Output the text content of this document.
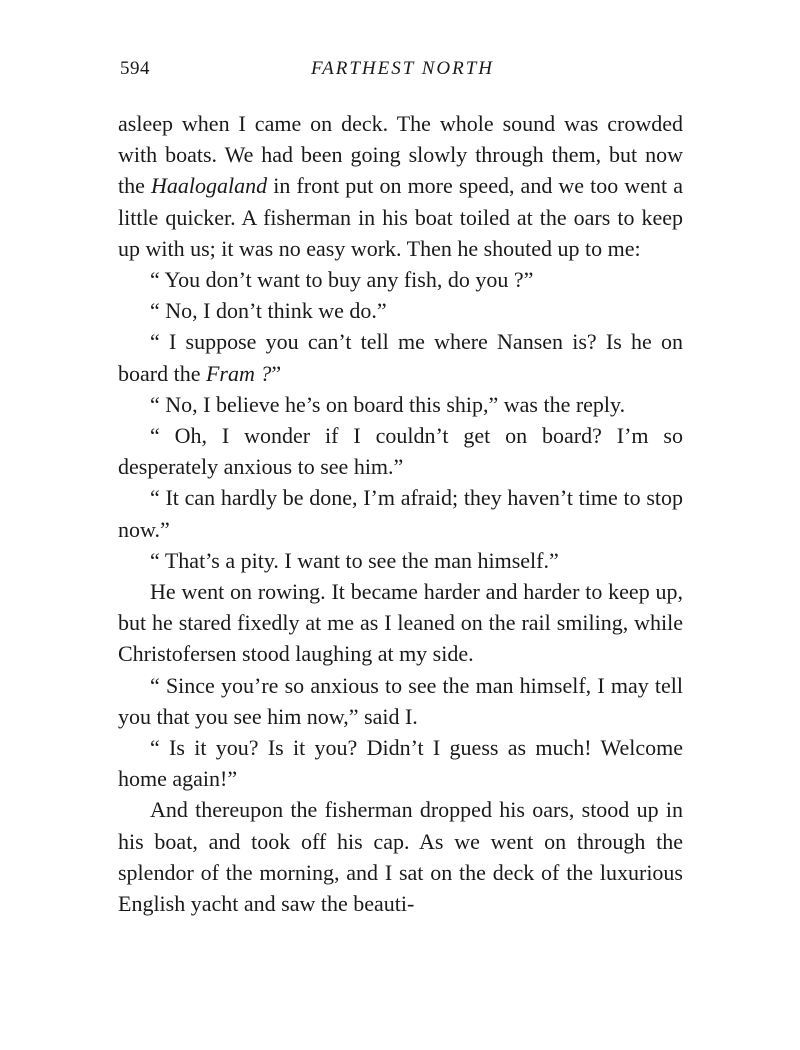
594	FARTHEST NORTH

asleep when I came on deck. The whole sound was crowded with boats. We had been going slowly through them, but now the Haalogaland in front put on more speed, and we too went a little quicker. A fisherman in his boat toiled at the oars to keep up with us; it was no easy work. Then he shouted up to me:

“ You don’t want to buy any fish, do you ?”

“ No, I don’t think we do.”

“ I suppose you can’t tell me where Nansen is? Is he on board the Fram ?”

“ No, I believe he’s on board this ship,” was the reply.

“ Oh, I wonder if I couldn’t get on board? I’m so desperately anxious to see him.”

“ It can hardly be done, I’m afraid; they haven’t time to stop now.”

“ That’s a pity. I want to see the man himself.”

He went on rowing. It became harder and harder to keep up, but he stared fixedly at me as I leaned on the rail smiling, while Christofersen stood laughing at my side.

“ Since you’re so anxious to see the man himself, I may tell you that you see him now,” said I.

“ Is it you? Is it you? Didn’t I guess as much! Welcome home again!”

And thereupon the fisherman dropped his oars, stood up in his boat, and took off his cap. As we went on through the splendor of the morning, and I sat on the deck of the luxurious English yacht and saw the beauti-
